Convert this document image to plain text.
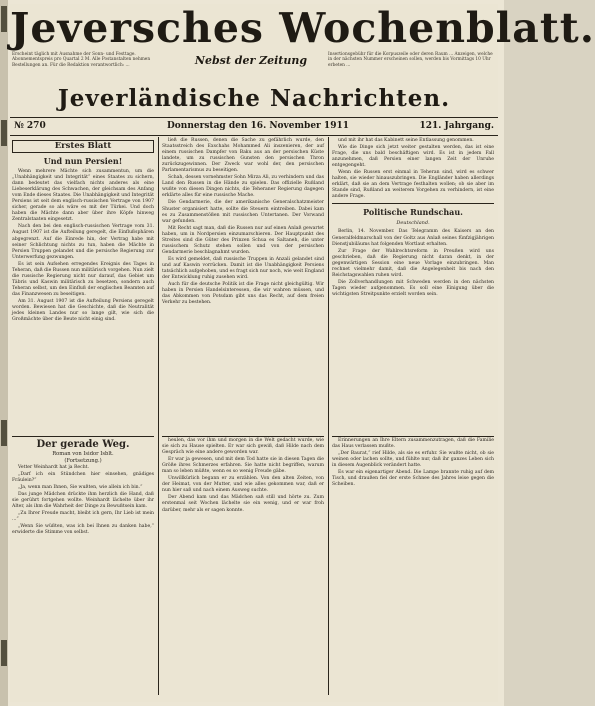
Jeversches Wochenblatt.
Erscheint täglich mit Ausnahme der Sonn- und Festtage. Abonnementspreis pro Quartal 2 M. Alle Postanstalten nehmen Bestellungen an. Für die Redaktion verantwortlich: ...	Nebst der Zeitung	Insertionsgebühr für die Korpuszeile oder deren Raum ... Anzeigen, welche in der nächsten Nummer erscheinen sollen, werden bis Vormittags 10 Uhr erbeten ...
Jeverländische Nachrichten.
№ 270	Donnerstag den 16. November 1911	121. Jahrgang.
Erstes Blatt
Und nun Persien!

Wenn mehrere Mächte sich zusammentun, um die „Unabhängigkeit und Integrität“ eines Staates zu sichern, dann bedeutet das vielfach nichts anderes als eine Liebeserklärung des Schwachen, der gleichsam des Anfang vom Ende dieses Staates. Die Unabhängigkeit und Integrität Persiens ist seit dem englisch-russischen Vertrage von 1907 sicher, gerade so als wäre es mit der Türkei. Und doch haben die Mächte dann aber über ihre Köpfe hinweg Zentralstaaten eingesetzt.

Nach den bei den englisch-russischen Vertrage vom 31. August 1907 ist die Aufteilung geregelt, die Einflußsphären abgegrenzt. Auf die Einrede hin, der Vertrag habe mit seiner Schlichtung nichts zu tun, haben die Mächte in Persien Truppen gelandet und die persische Regierung zur Unterwerfung gezwungen.

Es ist sein Aufsehen erregendes Ereignis des Tages in Teheran, daß die Russen nun militärisch vorgehen. Nun zielt die russische Regierung nicht nur darauf, das Gebiet um Täbris und Kaswin militärisch zu besetzen, sondern auch Teheran selbst, um den Einfluß der englischen Beamten auf das Finanzwesen zu beseitigen.

Am 31. August 1907 ist die Aufteilung Persiens geregelt worden. Bewiesen hat die Geschichte, daß die Neutralität jedes kleinen Landes nur so lange gilt, wie sich die Großmächte über die Beute nicht einig sind.

Der gerade Weg.
Roman von Isidor Isblt.
(Fortsetzung.)

Vetter Weinhardt hat ja Recht.

„Darf ich ein Stündchen hier einsehen, gnädiges Fräulein?“

„Ja, wenn man Ihnen, Sie wußten, wie allein ich bin.“

Das junge Mädchen drückte ihm herzlich die Hand, daß sie gerührt fortgehen wollte. Weinhardt lächelte über ihr Alter, als ihm die Wahrheit der Dinge zu Bewußtsein kam.

„Zu Ihrer Freude macht, bleibt ich gern, Ihr Lieb ist mein ...“

„Wenn Sie wüßten, was ich bei Ihnen zu danken habe,“ erwiderte die Stimme von selbst.

ließ die Russen, denen die Sache zu gefährlich wurde, den Staatsstreich des Exschahs Mohammed Ali inszenieren, der auf einem russischen Dampfer von Baku aus an der persischen Küste landete, um zu russischen Gunsten den persischen Thron zurückzugewinnen. Der Zweck war wohl der, den persischen Parlamentarismus zu beseitigen.

Schah, dessen vornehmster Sohn Mirza Ali, zu verhindern und das Land den Russen in die Hände zu spielen. Das offizielle Rußland wußte von diesen Dingen nichts, die Teheraner Regierung dagegen erklärte alles für eine russische Mache.

Die Gendarmerie, die der amerikanische Generalschatzmeister Shuster organisiert hatte, sollte die Steuern eintreiben. Dabei kam es zu Zusammenstößen mit russischen Untertanen. Der Vorwand war gefunden.

Mit Recht sagt man, daß die Russen nur auf einen Anlaß gewartet haben, um in Nordpersien einzumarschieren. Der Hauptpunkt des Streites sind die Güter des Prinzen Schua es Saltaneh, die unter russischem Schutz stehen sollen und von der persischen Gendarmerie beschlagnahmt wurden.

Es wird gemeldet, daß russische Truppen in Anzali gelandet sind und auf Kaswin vorrücken. Damit ist die Unabhängigkeit Persiens tatsächlich aufgehoben, und es fragt sich nur noch, wie weit England der Entwicklung ruhig zusehen wird.

Auch für die deutsche Politik ist die Frage nicht gleichgültig. Wir haben in Persien Handelsinteressen, die wir wahren müssen, und das Abkommen von Potsdam gibt uns das Recht, auf dem freien Verkehr zu bestehen.

heulen, das vor ihm und morgen in die Welt gedacht wurde, wie sie sich zu Hause spielten. Er war sich gewiß, daß Hilde nach dem Gespräch wie eine andere geworden war.

Er war ja gewesen, und mit dem Tod hatte sie in diesen Tagen die Größe ihres Schmerzes erfahren. Sie hatte nicht begriffen, warum man so leben müßte, wenn es so wenig Freude gäbe.

Unwillkürlich begann er zu erzählen. Von den alten Zeiten, von der Heimat, von der Mutter, und wie alles gekommen war, daß er nun hier saß und nach einem Ausweg suchte.

Der Abend kam und das Mädchen saß still und hörte zu. Zum erstenmal seit Wochen lächelte sie ein wenig, und er war froh darüber, mehr als er sagen konnte.

und mit ihr hat das Kabinett seine Entlassung genommen.

Wie die Dinge sich jetzt weiter gestalten werden, das ist eine Frage, die uns bald beschäftigen wird. Es ist in jedem Fall anzunehmen, daß Persien einer langen Zeit der Unruhe entgegengeht.

Wenn die Russen erst einmal in Teheran sind, wird es schwer halten, sie wieder hinauszubringen. Die Engländer haben allerdings erklärt, daß sie an dem Vertrage festhalten wollen; ob sie aber im Stande sind, Rußland an weiterem Vorgehen zu verhindern, ist eine andere Frage.

Politische Rundschau.
Deutschland.

Berlin, 14. November. Das Telegramm des Kaisers an den Generalfeldmarschall von der Goltz aus Anlaß seines fünfzigjährigen Dienstjubiläums hat folgenden Wortlaut erhalten.

Zur Frage der Wahlrechtsreform in Preußen wird uns geschrieben, daß die Regierung nicht daran denkt, in der gegenwärtigen Session eine neue Vorlage einzubringen. Man rechnet vielmehr damit, daß die Angelegenheit bis nach den Reichstagswahlen ruhen wird.

Die Zollverhandlungen mit Schweden werden in den nächsten Tagen wieder aufgenommen. Es soll eine Einigung über die wichtigsten Streitpunkte erzielt worden sein.

Erinnerungen an Ihre Eltern zusammenzutragen, daß die Familie das Haus verlassen mußte.

„Der Baurat,“ rief Hilde, als sie es erfuhr. Sie wußte nicht, ob sie weinen oder lachen sollte, und fühlte nur, daß ihr ganzes Leben sich in diesem Augenblick verändert hatte.

Es war ein eigenartiger Abend. Die Lampe brannte ruhig auf dem Tisch, und draußen fiel der erste Schnee des Jahres leise gegen die Scheiben.
